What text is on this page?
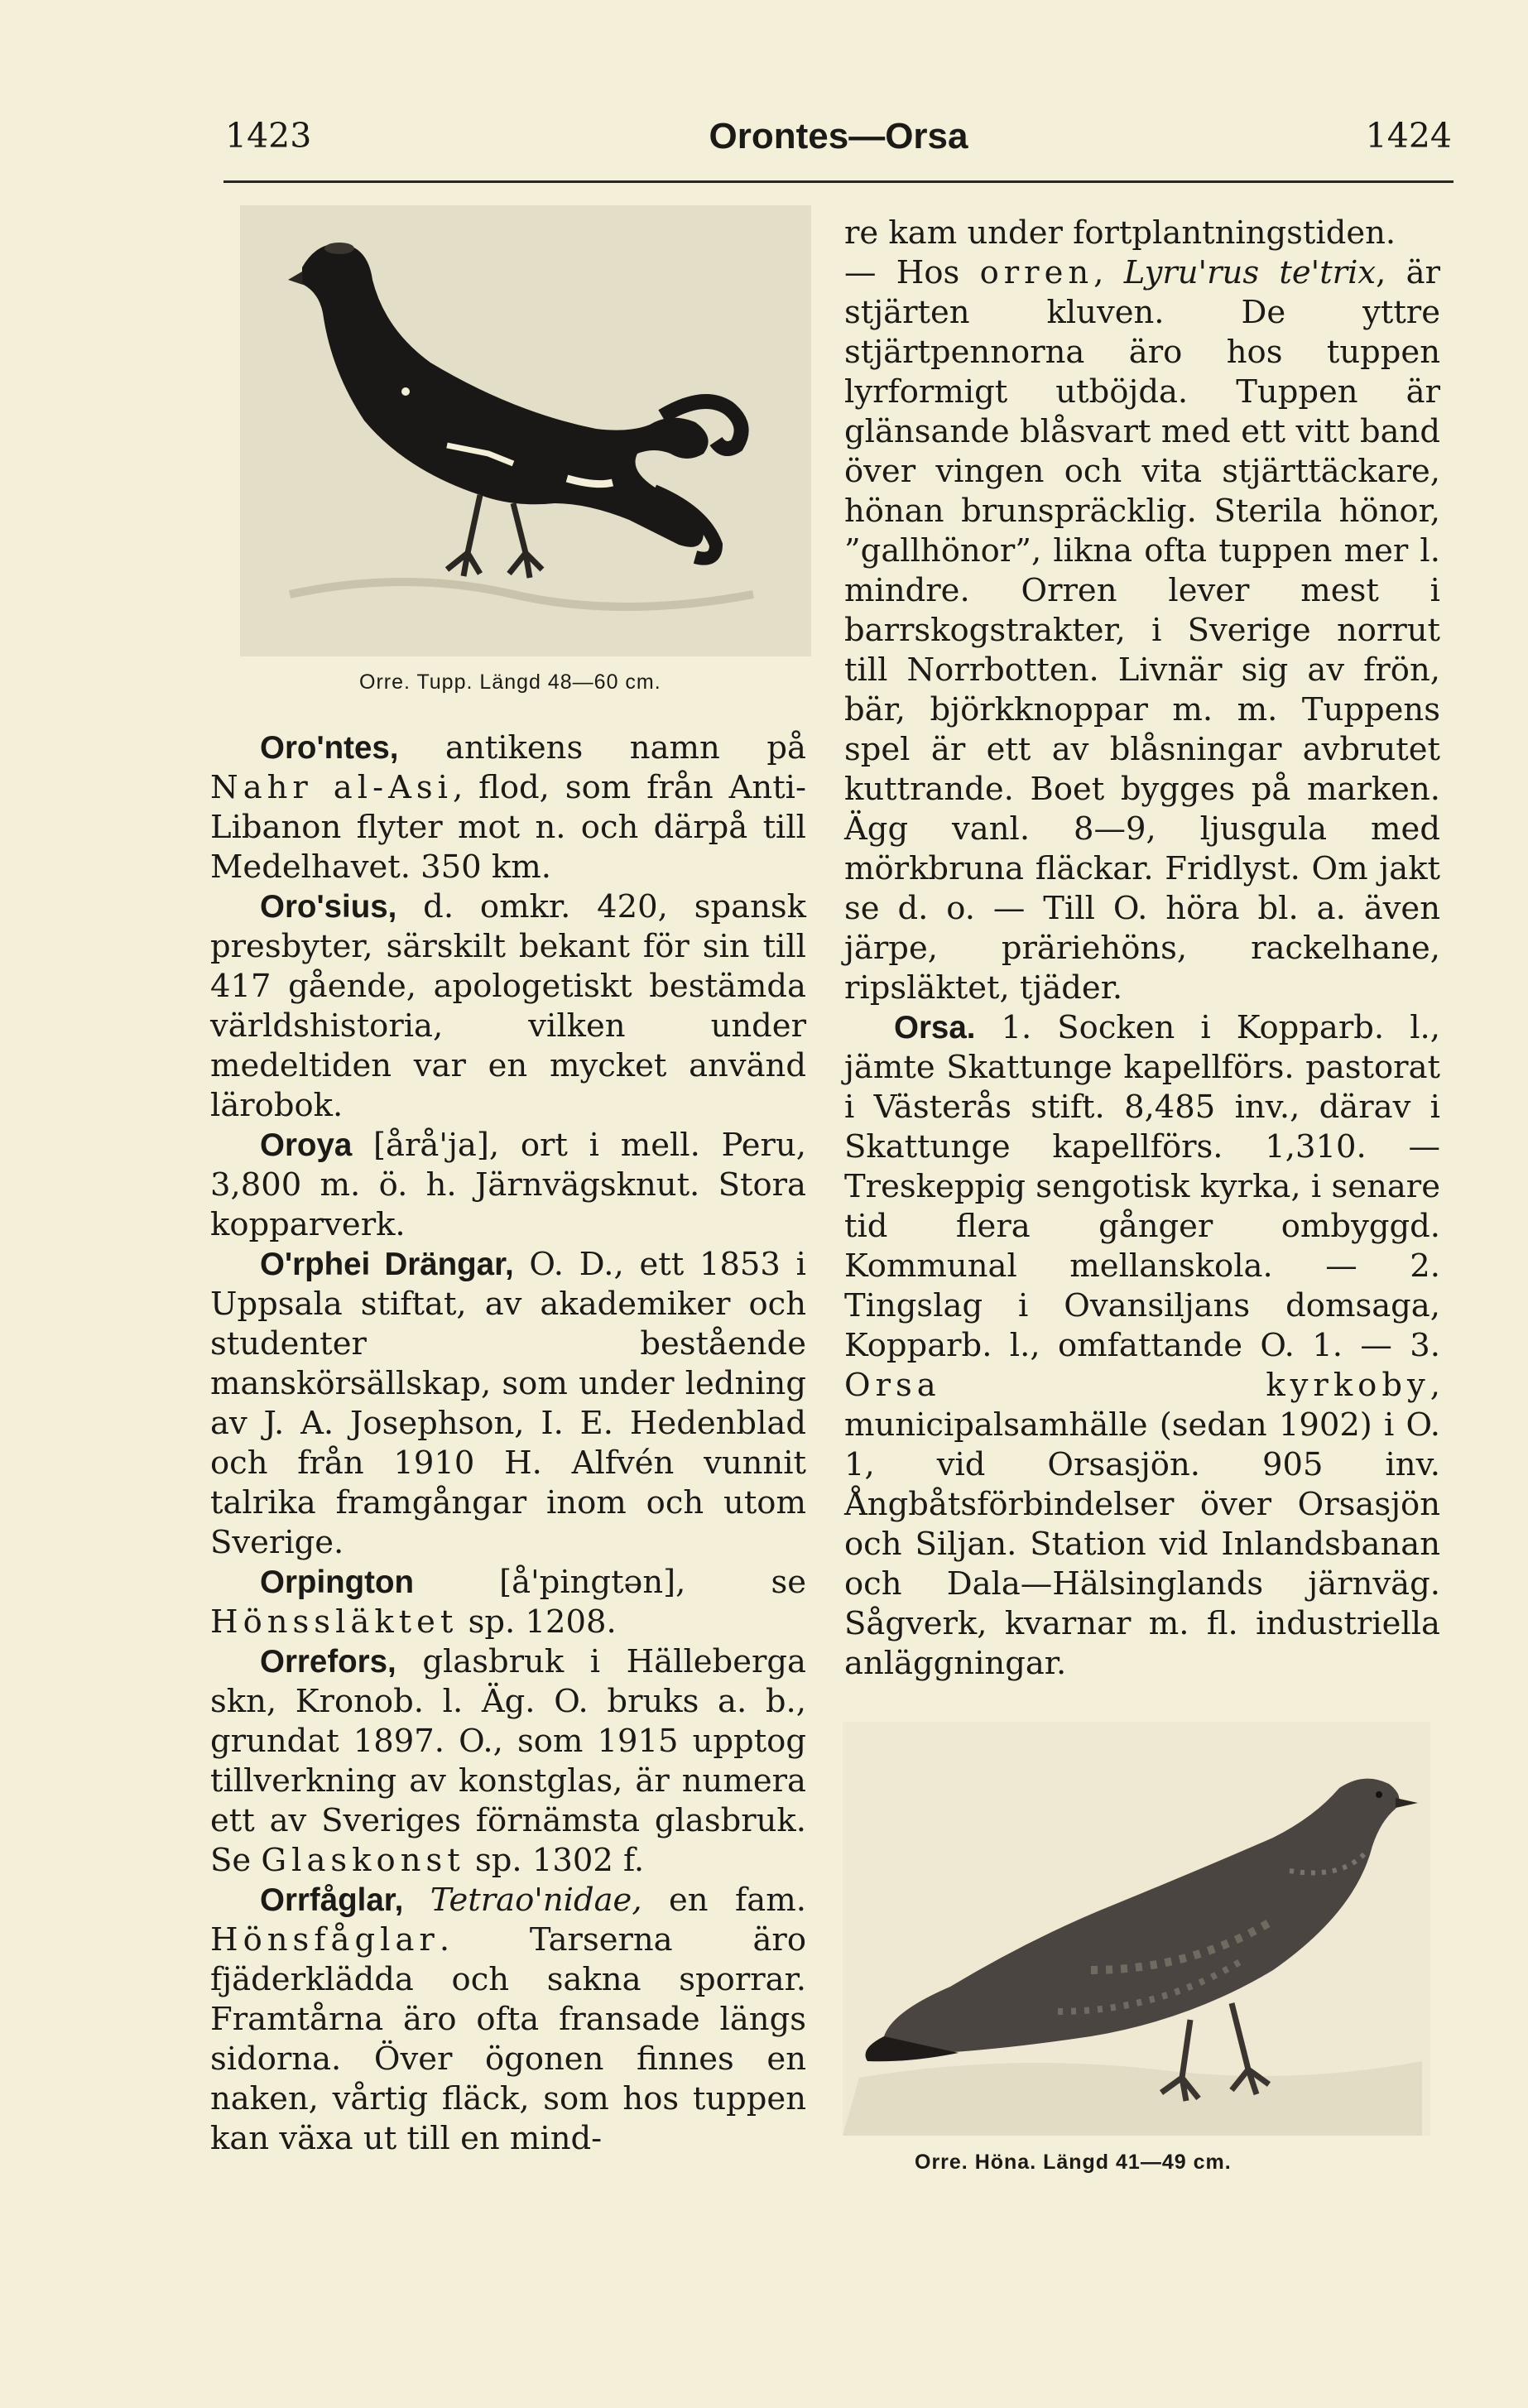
1423	Orontes—Orsa	1424
Orre. Tupp. Längd 48—60 cm.

Oro'ntes, antikens namn på Nahr al-Asi, flod, som från Anti-Libanon flyter mot n. och därpå till Medelhavet. 350 km.

Oro'sius, d. omkr. 420, spansk presbyter, särskilt bekant för sin till 417 gående, apologetiskt bestämda världshistoria, vilken under medeltiden var en mycket använd lärobok.

Oroya [årå'ja], ort i mell. Peru, 3,800 m. ö. h. Järnvägsknut. Stora kopparverk.

O'rphei Drängar, O. D., ett 1853 i Uppsala stiftat, av akademiker och studenter bestående manskörsällskap, som under ledning av J. A. Josephson, I. E. Hedenblad och från 1910 H. Alfvén vunnit talrika framgångar inom och utom Sverige.

Orpington [å'pingtən], se Hönssläktet sp. 1208.

Orrefors, glasbruk i Hälleberga skn, Kronob. l. Äg. O. bruks a. b., grundat 1897. O., som 1915 upptog tillverkning av konstglas, är numera ett av Sveriges förnämsta glasbruk. Se Glaskonst sp. 1302 f.

Orrfåglar, Tetrao'nidae, en fam. Hönsfåglar. Tarserna äro fjäderklädda och sakna sporrar. Framtårna äro ofta fransade längs sidorna. Över ögonen finnes en naken, vårtig fläck, som hos tuppen kan växa ut till en mind-

re kam under fortplantningstiden.

— Hos orren, Lyru'rus te'trix, är stjärten kluven. De yttre stjärtpennorna äro hos tuppen lyrformigt utböjda. Tuppen är glänsande blåsvart med ett vitt band över vingen och vita stjärttäckare, hönan brunspräcklig. Sterila hönor, ”gallhönor”, likna ofta tuppen mer l. mindre. Orren lever mest i barrskogstrakter, i Sverige norrut till Norrbotten. Livnär sig av frön, bär, björkknoppar m. m. Tuppens spel är ett av blåsningar avbrutet kuttrande. Boet bygges på marken. Ägg vanl. 8—9, ljusgula med mörkbruna fläckar. Fridlyst. Om jakt se d. o. — Till O. höra bl. a. även järpe, präriehöns, rackelhane, ripsläktet, tjäder.

Orsa. 1. Socken i Kopparb. l., jämte Skattunge kapellförs. pastorat i Västerås stift. 8,485 inv., därav i Skattunge kapellförs. 1,310. — Treskeppig sengotisk kyrka, i senare tid flera gånger ombyggd. Kommunal mellanskola. — 2. Tingslag i Ovansiljans domsaga, Kopparb. l., omfattande O. 1. — 3. Orsa kyrkoby, municipalsamhälle (sedan 1902) i O. 1, vid Orsasjön. 905 inv. Ångbåtsförbindelser över Orsasjön och Siljan. Station vid Inlandsbanan och Dala—Hälsinglands järnväg. Sågverk, kvarnar m. fl. industriella anläggningar.

Orre. Höna. Längd 41—49 cm.
